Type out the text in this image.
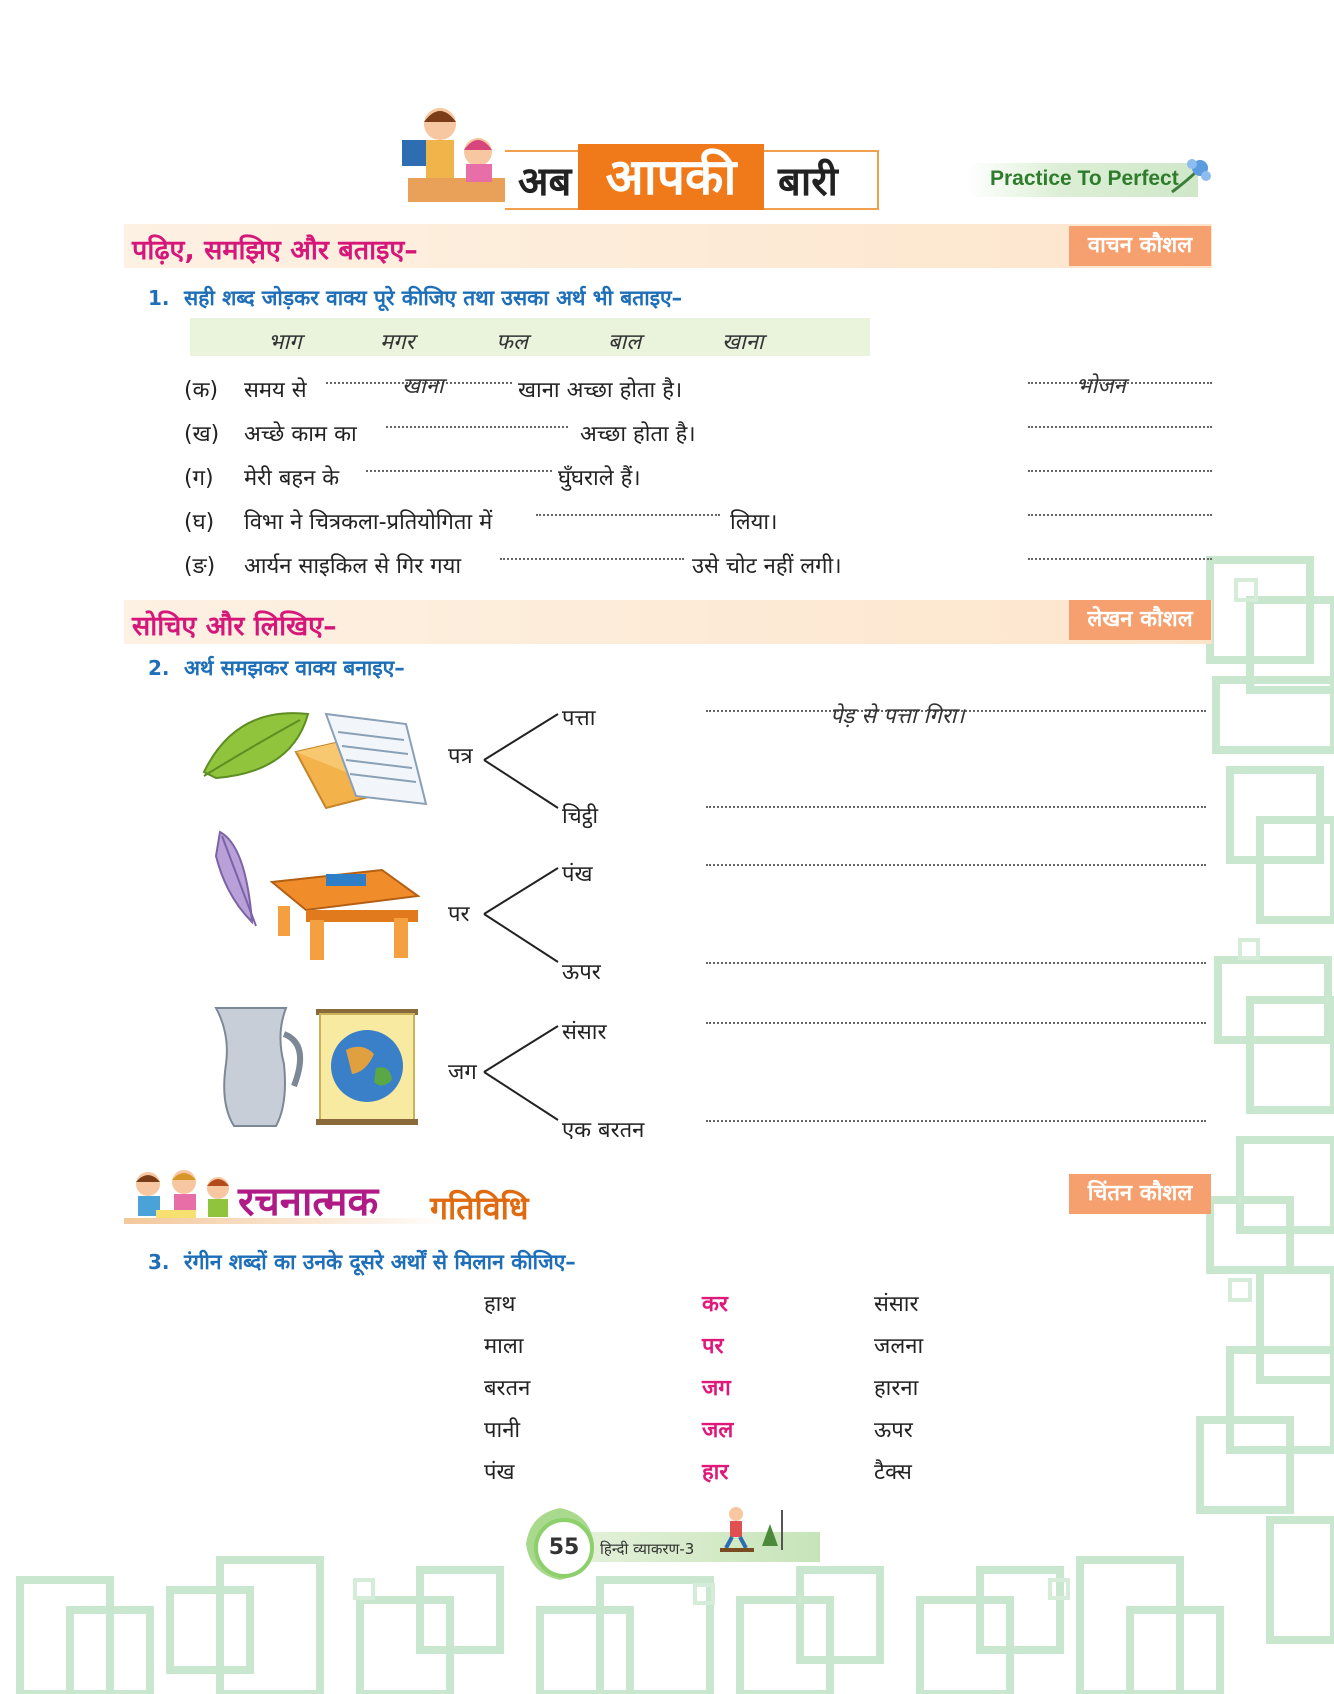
अब आपकी	बारी	Practice To Perfect
पढ़िए, समझिए और बताइए–	वाचन कौशल
1. सही शब्द जोड़कर वाक्य पूरे कीजिए तथा उसका अर्थ भी बताइए–
भाग	मगर	फल	बाल	खाना
(क) समय से	खाना	खाना अच्छा होता है।	भोजन
(ख) अच्छे काम का	अच्छा होता है।
(ग) मेरी बहन के	घुँघराले हैं।
(घ) विभा ने चित्रकला-प्रतियोगिता में	लिया।
(ङ) आर्यन साइकिल से गिर गया	उसे चोट नहीं लगी।
सोचिए और लिखिए–	लेखन कौशल
2. अर्थ समझकर वाक्य बनाइए–
पत्र
पत्ता
चिट्ठी
पर
पंख
ऊपर
जग
संसार
एक बरतन
पेड़ से पत्ता गिरा।
रचनात्मक गतिविधि	चिंतन कौशल
3. रंगीन शब्दों का उनके दूसरे अर्थों से मिलान कीजिए–
हाथ	कर	संसार
माला	पर	जलना
बरतन	जग	हारना
पानी	जल	ऊपर
पंख	हार	टैक्स
55	हिन्दी व्याकरण-3
